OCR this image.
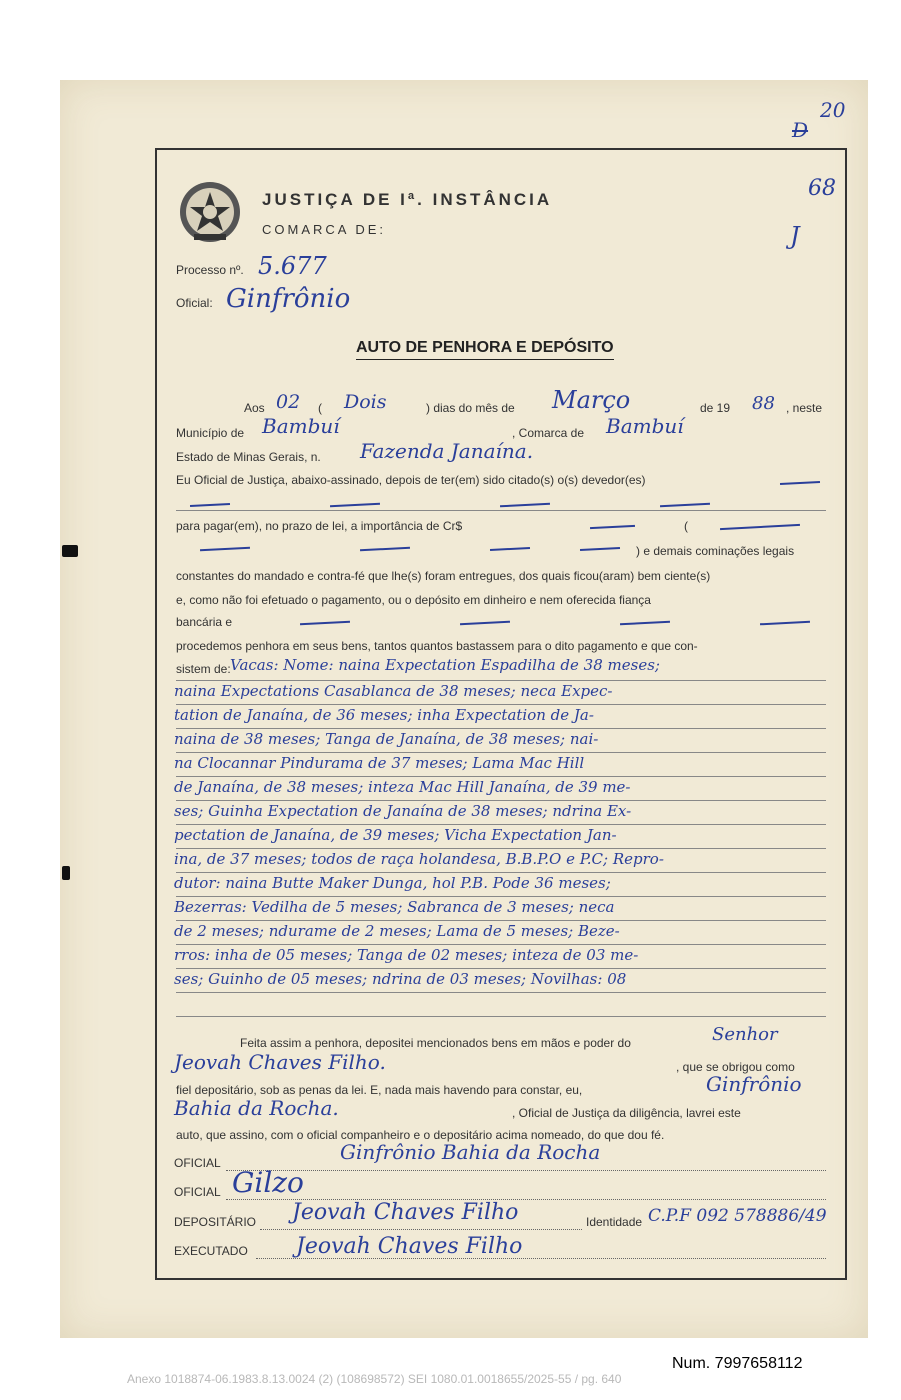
20
D
68
J
JUSTIÇA DE Iª. INSTÂNCIA
COMARCA DE:
Processo nº. 5.677
Oficial: Ginfrônio
AUTO DE PENHORA E DEPÓSITO
Aos 02 ( Dois	) dias do mês de Março	de 19 88 , neste
Município de Bambuí	, Comarca de Bambuí
Estado de Minas Gerais, n. Fazenda Janaína.
Eu Oficial de Justiça, abaixo-assinado, depois de ter(em) sido citado(s) o(s) devedor(es)
para pagar(em), no prazo de lei, a importância de Cr$	(
) e demais cominações legais
constantes do mandado e contra-fé que lhe(s) foram entregues, dos quais ficou(aram) bem ciente(s)
e, como não foi efetuado o pagamento, ou o depósito em dinheiro e nem oferecida fiança
bancária e
procedemos penhora em seus bens, tantos quantos bastassem para o dito pagamento e que con-
sistem de: Vacas: Nome: naina Expectation Espadilha de 38 meses;
naina Expectations Casablanca de 38 meses; neca Expec-
tation de Janaína, de 36 meses; inha Expectation de Ja-
naina de 38 meses; Tanga de Janaína, de 38 meses; nai-
na Clocannar Pindurama de 37 meses; Lama Mac Hill
de Janaína, de 38 meses; inteza Mac Hill Janaína, de 39 me-
ses; Guinha Expectation de Janaína de 38 meses; ndrina Ex-
pectation de Janaína, de 39 meses; Vicha Expectation Jan-
ina, de 37 meses; todos de raça holandesa, B.B.P.O e P.C; Repro-
dutor: naina Butte Maker Dunga, hol P.B. Pode 36 meses;
Bezerras: Vedilha de 5 meses; Sabranca de 3 meses; neca
de 2 meses; ndurame de 2 meses; Lama de 5 meses; Beze-
rros: inha de 05 meses; Tanga de 02 meses; inteza de 03 me-
ses; Guinho de 05 meses; ndrina de 03 meses; Novilhas: 08
Feita assim a penhora, depositei mencionados bens em mãos e poder do	Senhor
Jeovah Chaves Filho.	, que se obrigou como
fiel depositário, sob as penas da lei. E, nada mais havendo para constar, eu,	Ginfrônio
Bahia da Rocha.	, Oficial de Justiça da diligência, lavrei este
auto, que assino, com o oficial companheiro e o depositário acima nomeado, do que dou fé.
OFICIAL	Ginfrônio Bahia da Rocha
OFICIAL Gilzo
DEPOSITÁRIO Jeovah Chaves Filho	Identidade C.P.F 092 578886/49
EXECUTADO Jeovah Chaves Filho
Num. 7997658112
Anexo 1018874-06.1983.8.13.0024 (2) (108698572) SEI 1080.01.0018655/2025-55 / pg. 640
